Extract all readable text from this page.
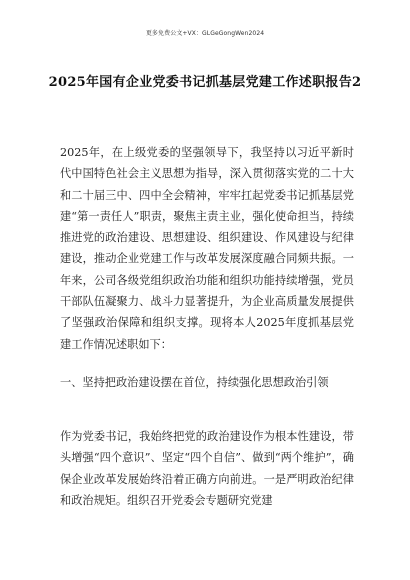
更多免费公文+VX：GLGeGongWen2024
2025年国有企业党委书记抓基层党建工作述职报告2

2025年，在上级党委的坚强领导下，我坚持以习近平新时代中国特色社会主义思想为指导，深入贯彻落实党的二十大和二十届三中、四中全会精神，牢牢扛起党委书记抓基层党建“第一责任人”职责，聚焦主责主业，强化使命担当，持续推进党的政治建设、思想建设、组织建设、作风建设与纪律建设，推动企业党建工作与改革发展深度融合同频共振。一年来，公司各级党组织政治功能和组织功能持续增强，党员干部队伍凝聚力、战斗力显著提升，为企业高质量发展提供了坚强政治保障和组织支撑。现将本人2025年度抓基层党建工作情况述职如下：

一、坚持把政治建设摆在首位，持续强化思想政治引领

作为党委书记，我始终把党的政治建设作为根本性建设，带头增强“四个意识”、坚定“四个自信”、做到“两个维护”，确保企业改革发展始终沿着正确方向前进。一是严明政治纪律和政治规矩。组织召开党委会专题研究党建
